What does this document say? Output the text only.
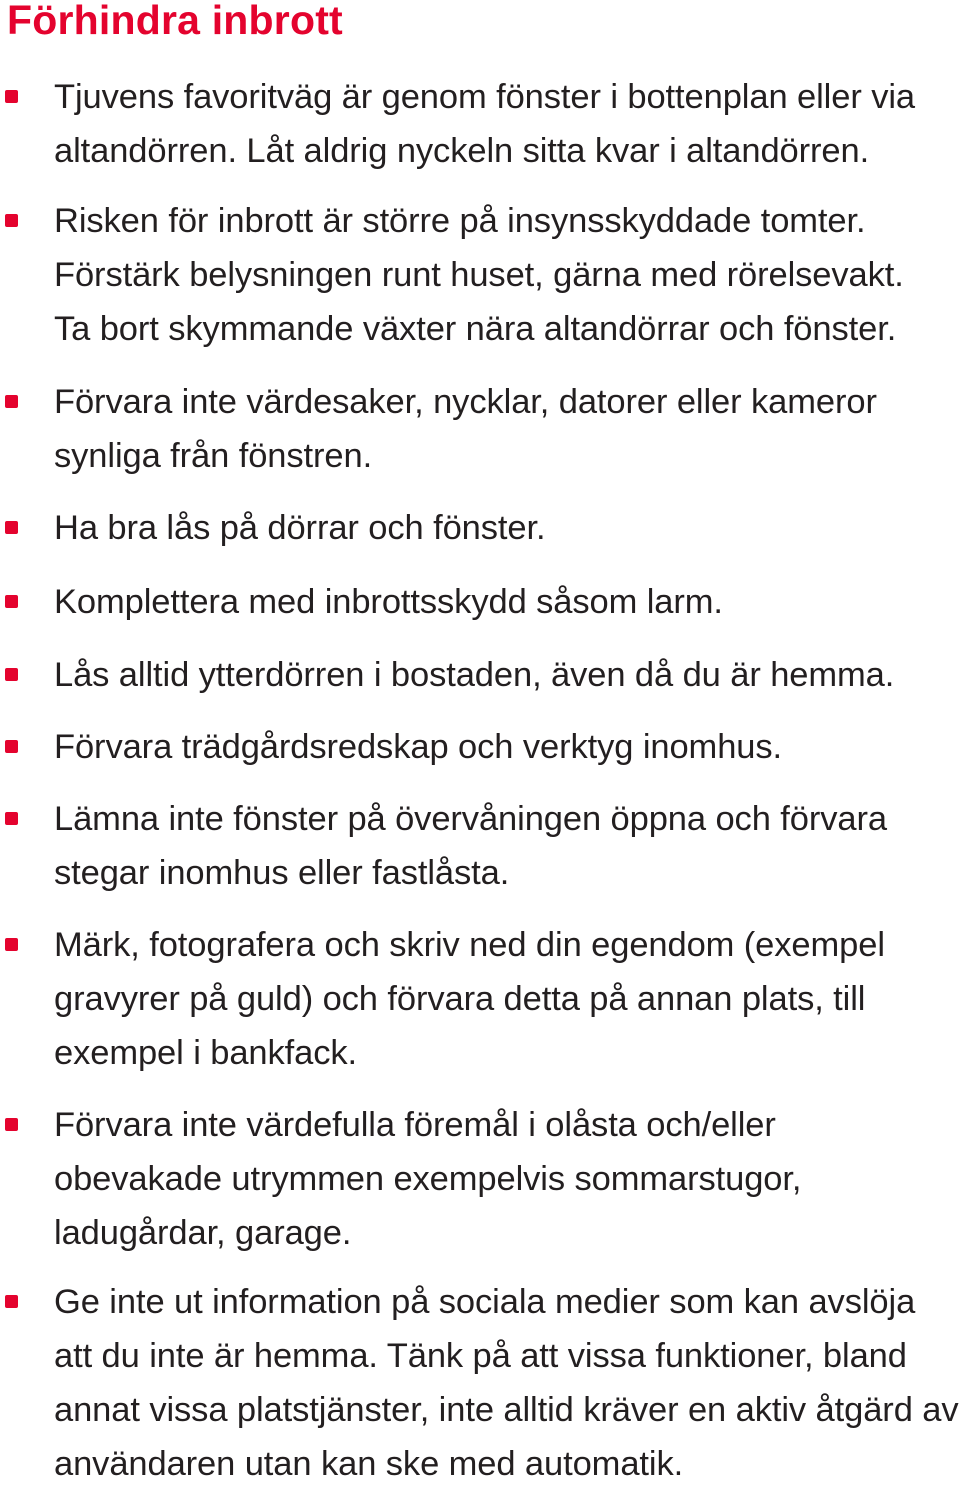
Förhindra inbrott

Tjuvens favoritväg är genom fönster i bottenplan eller via
altandörren. Låt aldrig nyckeln sitta kvar i altandörren.

Risken för inbrott är större på insynsskyddade tomter.
Förstärk belysningen runt huset, gärna med rörelsevakt.
Ta bort skymmande växter nära altandörrar och fönster.

Förvara inte värdesaker, nycklar, datorer eller kameror
synliga från fönstren.

Ha bra lås på dörrar och fönster.

Komplettera med inbrottsskydd såsom larm.

Lås alltid ytterdörren i bostaden, även då du är hemma.

Förvara trädgårdsredskap och verktyg inomhus.

Lämna inte fönster på övervåningen öppna och förvara
stegar inomhus eller fastlåsta.

Märk, fotografera och skriv ned din egendom (exempel
gravyrer på guld) och förvara detta på annan plats, till
exempel i bankfack.

Förvara inte värdefulla föremål i olåsta och/eller
obevakade utrymmen exempelvis sommarstugor,
ladugårdar, garage.

Ge inte ut information på sociala medier som kan avslöja
att du inte är hemma. Tänk på att vissa funktioner, bland
annat vissa platstjänster, inte alltid kräver en aktiv åtgärd av
användaren utan kan ske med automatik.
